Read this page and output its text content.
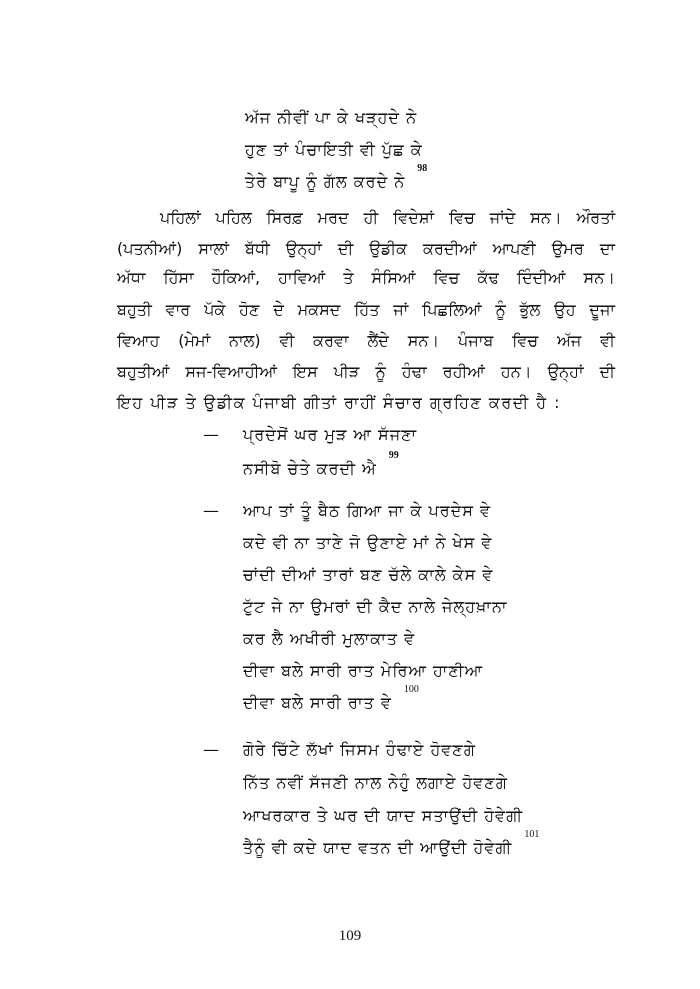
ਅੱਜ ਨੀਵੀਂ ਪਾ ਕੇ ਖੜ੍ਹਦੇ ਨੇ
ਹੁਣ ਤਾਂ ਪੰਚਾਇਤੀ ਵੀ ਪੁੱਛ ਕੇ
ਤੇਰੇ ਬਾਪੂ ਨੂੰ ਗੱਲ ਕਰਦੇ ਨੇ98
ਪਹਿਲਾਂ ਪਹਿਲ ਸਿਰਫ਼ ਮਰਦ ਹੀ ਵਿਦੇਸ਼ਾਂ ਵਿਚ ਜਾਂਦੇ ਸਨ। ਔਰਤਾਂ
(ਪਤਨੀਆਂ) ਸਾਲਾਂ ਬੱਧੀ ਉਨ੍ਹਾਂ ਦੀ ਉਡੀਕ ਕਰਦੀਆਂ ਆਪਣੀ ਉਮਰ ਦਾ
ਅੱਧਾ ਹਿੱਸਾ ਹੌਕਿਆਂ, ਹਾਵਿਆਂ ਤੇ ਸੰਸਿਆਂ ਵਿਚ ਕੱਢ ਦਿੰਦੀਆਂ ਸਨ।
ਬਹੁਤੀ ਵਾਰ ਪੱਕੇ ਹੋਣ ਦੇ ਮਕਸਦ ਹਿੱਤ ਜਾਂ ਪਿਛਲਿਆਂ ਨੂੰ ਭੁੱਲ ਉਹ ਦੂਜਾ
ਵਿਆਹ (ਮੇਮਾਂ ਨਾਲ) ਵੀ ਕਰਵਾ ਲੈਂਦੇ ਸਨ। ਪੰਜਾਬ ਵਿਚ ਅੱਜ ਵੀ
ਬਹੁਤੀਆਂ ਸਜ-ਵਿਆਹੀਆਂ ਇਸ ਪੀੜ ਨੂੰ ਹੰਢਾ ਰਹੀਆਂ ਹਨ। ਉਨ੍ਹਾਂ ਦੀ
ਇਹ ਪੀੜ ਤੇ ਉਡੀਕ ਪੰਜਾਬੀ ਗੀਤਾਂ ਰਾਹੀਂ ਸੰਚਾਰ ਗ੍ਰਹਿਣ ਕਰਦੀ ਹੈ :
— ਪ੍ਰਦੇਸੋਂ ਘਰ ਮੁੜ ਆ ਸੱਜਣਾ
ਨਸੀਬੋ ਚੇਤੇ ਕਰਦੀ ਐ99
— ਆਪ ਤਾਂ ਤੂੰ ਬੈਠ ਗਿਆ ਜਾ ਕੇ ਪਰਦੇਸ ਵੇ
ਕਦੇ ਵੀ ਨਾ ਤਾਣੇ ਜੋ ਉਣਾਏ ਮਾਂ ਨੇ ਖੇਸ ਵੇ
ਚਾਂਦੀ ਦੀਆਂ ਤਾਰਾਂ ਬਣ ਚੱਲੇ ਕਾਲੇ ਕੇਸ ਵੇ
ਟੁੱਟ ਜੇ ਨਾ ਉਮਰਾਂ ਦੀ ਕੈਦ ਨਾਲੇ ਜੇਲ੍ਹਖ਼ਾਨਾ
ਕਰ ਲੈ ਅਖੀਰੀ ਮੁਲਾਕਾਤ ਵੇ
ਦੀਵਾ ਬਲੇ ਸਾਰੀ ਰਾਤ ਮੇਰਿਆ ਹਾਣੀਆ
ਦੀਵਾ ਬਲੇ ਸਾਰੀ ਰਾਤ ਵੇ100
— ਗੋਰੇ ਚਿੱਟੇ ਲੱਖਾਂ ਜਿਸਮ ਹੰਢਾਏ ਹੋਵਣਗੇ
ਨਿੱਤ ਨਵੀਂ ਸੱਜਣੀ ਨਾਲ ਨੇਹੁੰ ਲਗਾਏ ਹੋਵਣਗੇ
ਆਖਰਕਾਰ ਤੇ ਘਰ ਦੀ ਯਾਦ ਸਤਾਉਂਦੀ ਹੋਵੇਗੀ
ਤੈਨੂੰ ਵੀ ਕਦੇ ਯਾਦ ਵਤਨ ਦੀ ਆਉਂਦੀ ਹੋਵੇਗੀ101
109
